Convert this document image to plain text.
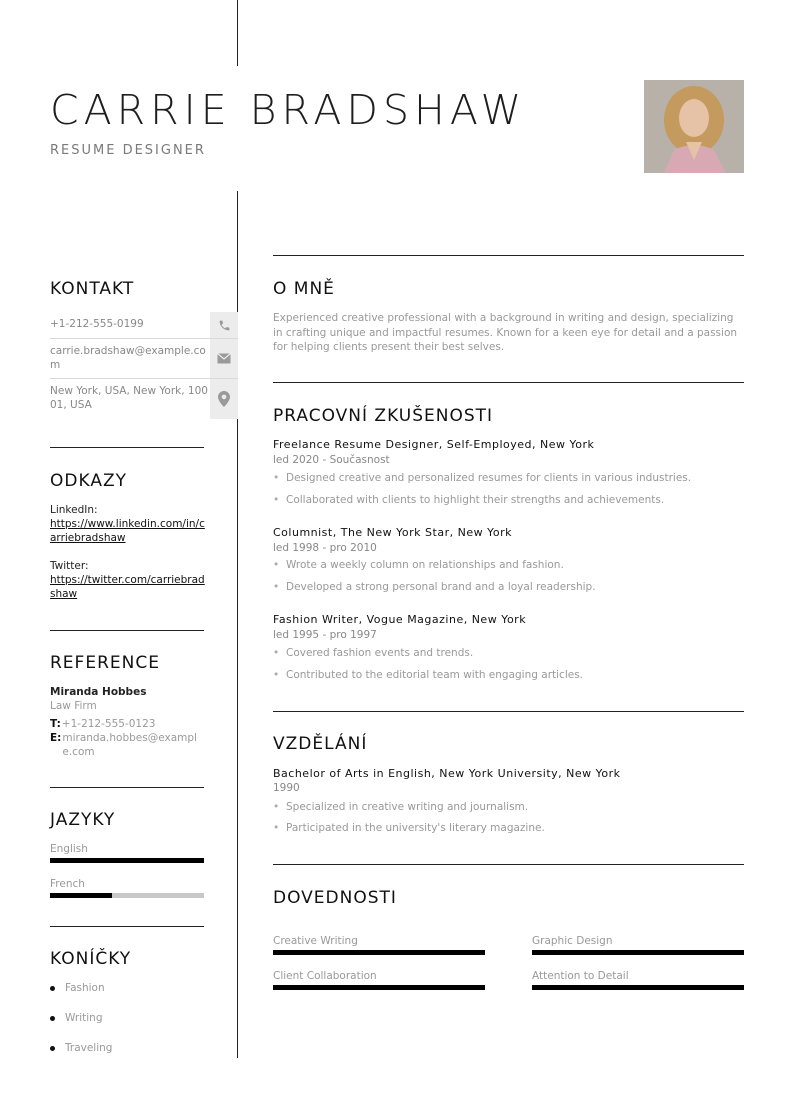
CARRIE BRADSHAW
RESUME DESIGNER
KONTAKT
+1-212-555-0199
carrie.bradshaw@example.com
New York, USA, New York, 10001, USA
ODKAZY
LinkedIn:
https://www.linkedin.com/in/carriebradshaw
Twitter:
https://twitter.com/carriebradshaw
REFERENCE
Miranda Hobbes
Law Firm
T: +1-212-555-0123
E: miranda.hobbes@example.com
JAZYKY
English
French
KONÍČKY
Fashion
Writing
Traveling
O MNĚ
Experienced creative professional with a background in writing and design, specializing in crafting unique and impactful resumes. Known for a keen eye for detail and a passion for helping clients present their best selves.
PRACOVNÍ ZKUŠENOSTI
Freelance Resume Designer, Self-Employed, New York
led 2020 - Současnost
• Designed creative and personalized resumes for clients in various industries.
• Collaborated with clients to highlight their strengths and achievements.
Columnist, The New York Star, New York
led 1998 - pro 2010
• Wrote a weekly column on relationships and fashion.
• Developed a strong personal brand and a loyal readership.
Fashion Writer, Vogue Magazine, New York
led 1995 - pro 1997
• Covered fashion events and trends.
• Contributed to the editorial team with engaging articles.
VZDĚLÁNÍ
Bachelor of Arts in English, New York University, New York
1990
• Specialized in creative writing and journalism.
• Participated in the university's literary magazine.
DOVEDNOSTI
Creative Writing	Graphic Design
Client Collaboration	Attention to Detail
